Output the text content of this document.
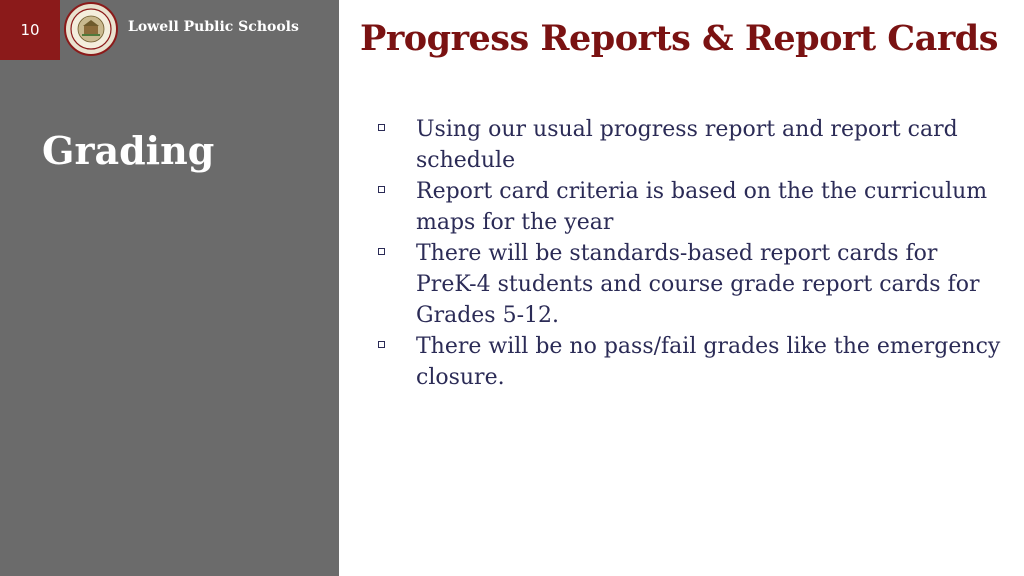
10	Lowell Public Schools
Grading
Progress Reports & Report Cards
Using our usual progress report and report card schedule
Report card criteria is based on the the curriculum maps for the year
There will be standards-based report cards for PreK-4 students and course grade report cards for Grades 5-12.
There will be no pass/fail grades like the emergency closure.
